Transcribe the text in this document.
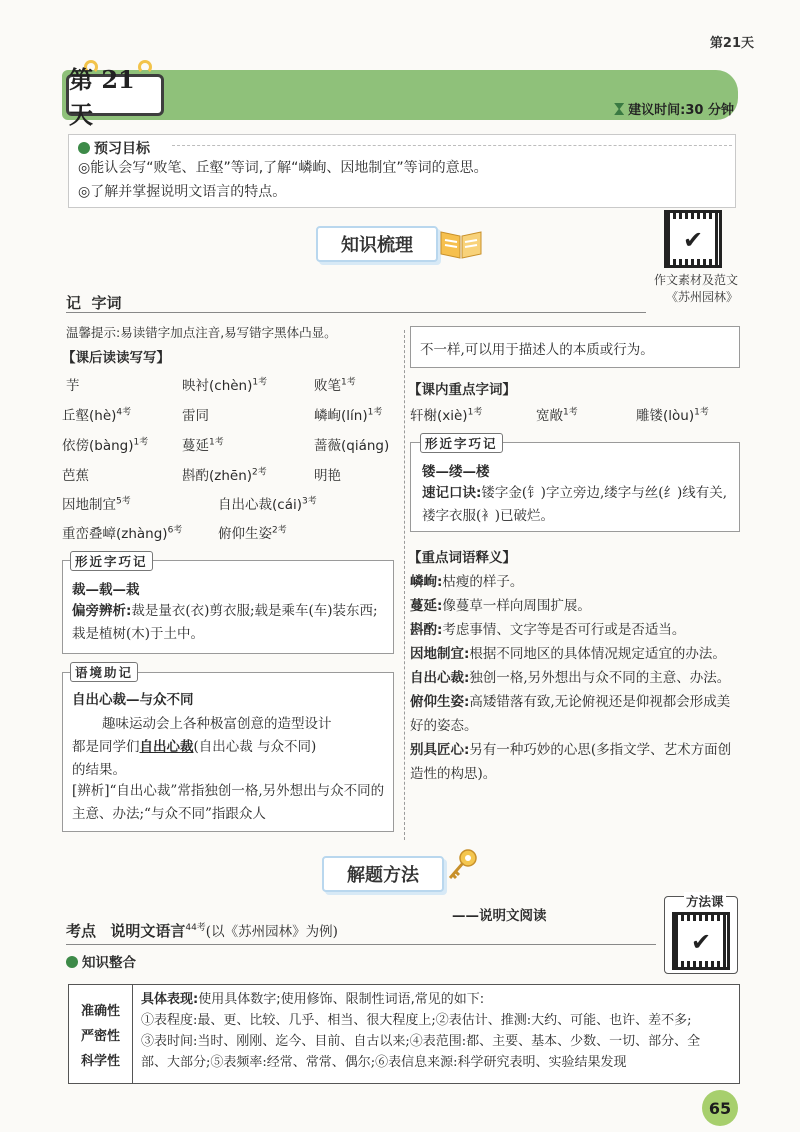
第21天
第 21 天	建议时间:30 分钟
预习目标
◎能认会写“败笔、丘壑”等词,了解“嶙峋、因地制宜”等词的意思。
◎了解并掌握说明文语言的特点。
知识梳理	✔
作文素材及范文
《苏州园林》
记 字词
温馨提示:易读错字加点注音,易写错字黑体凸显。
【课后读读写写】
芋	映衬(chèn)$^{1考}$	败笔$^{1考}$
丘壑(hè)$^{4考}$	雷同	嶙峋(lín)$^{1考}$
依傍(bàng)$^{1考}$	蔓延$^{1考}$	蔷薇(qiáng)
芭蕉	斟酌(zhēn)$^{2考}$	明艳
因地制宜$^{5考}$	自出心裁(cái)$^{3考}$
重峦叠嶂(zhàng)$^{6考}$	俯仰生姿$^{2考}$
形近字巧记
裁—载—栽
偏旁辨析:裁是量衣(衣)剪衣服;载是乘车(车)装东西;栽是植树(木)于土中。
语境助记
自出心裁—与众不同
趣味运动会上各种极富创意的造型设计
都是同学们自出心裁(自出心裁 与众不同)
的结果。
[辨析]“自出心裁”常指独创一格,另外想出与众不同的主意、办法;“与众不同”指跟众人
不一样,可以用于描述人的本质或行为。
【课内重点字词】
轩榭(xiè)$^{1考}$	宽敞$^{1考}$	雕镂(lòu)$^{1考}$
形近字巧记
镂—缕—楼
速记口诀:镂字金(钅)字立旁边,缕字与丝(纟)线有关,褛字衣服(衤)已破烂。
【重点词语释义】
嶙峋:枯瘦的样子。
蔓延:像蔓草一样向周围扩展。
斟酌:考虑事情、文字等是否可行或是否适当。
因地制宜:根据不同地区的具体情况规定适宜的办法。
自出心裁:独创一格,另外想出与众不同的主意、办法。
俯仰生姿:高矮错落有致,无论俯视还是仰视都会形成美好的姿态。
别具匠心:另有一种巧妙的心思(多指文学、艺术方面创造性的构思)。
解题方法
——说明文阅读
方法课
✔
考点 说明文语言$^{44考}$(以《苏州园林》为例)
知识整合
准确性
严密性
科学性
具体表现:使用具体数字;使用修饰、限制性词语,常见的如下:
①表程度:最、更、比较、几乎、相当、很大程度上;②表估计、推测:大约、可能、也许、差不多;
③表时间:当时、刚刚、迄今、目前、自古以来;④表范围:都、主要、基本、少数、一切、部分、全
部、大部分;⑤表频率:经常、常常、偶尔;⑥表信息来源:科学研究表明、实验结果发现
65
